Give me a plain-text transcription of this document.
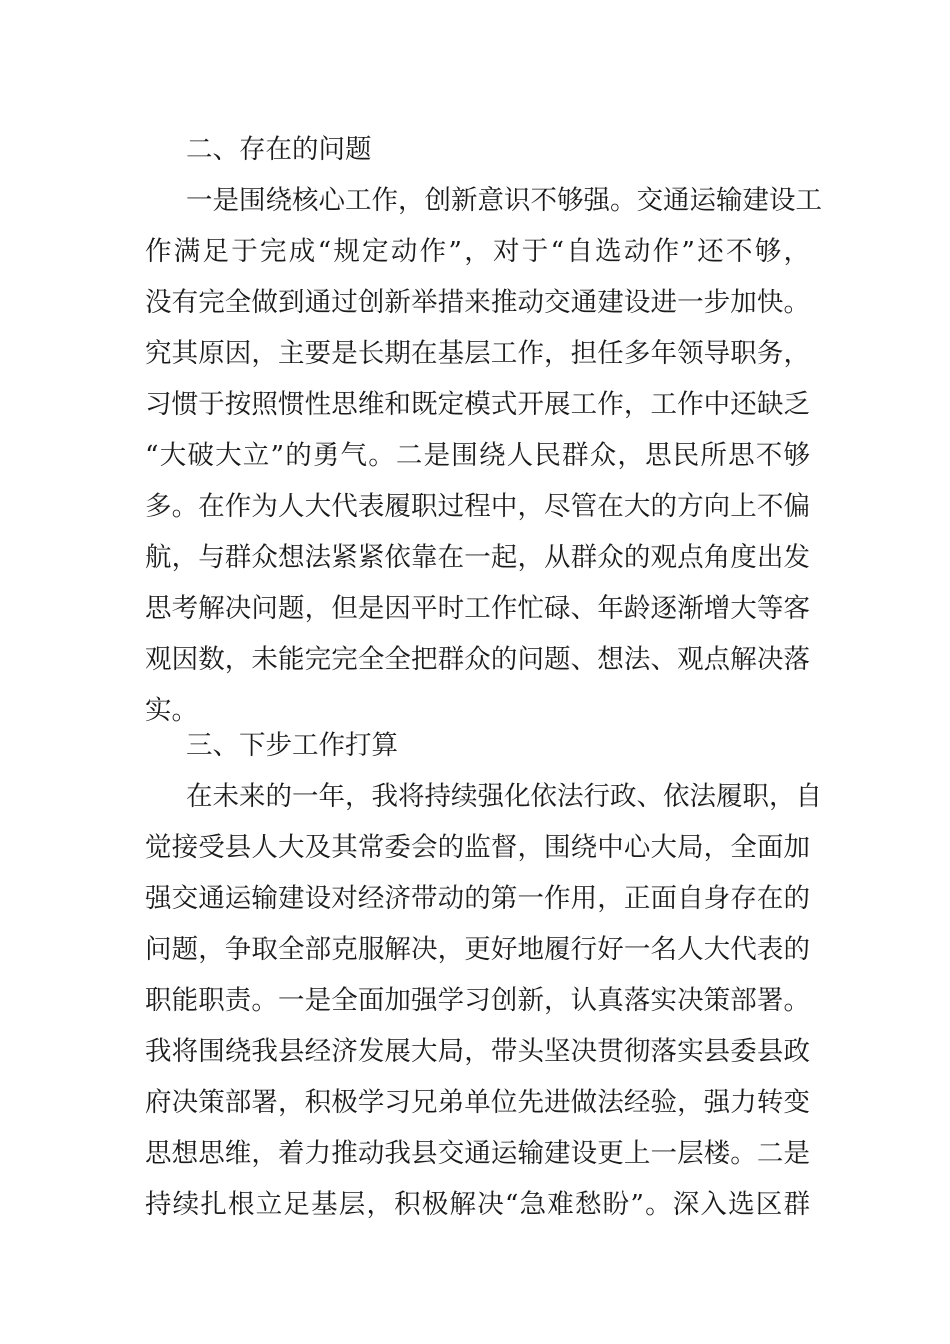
二、存在的问题
一是围绕核心工作，创新意识不够强。交通运输建设工
作满足于完成“规定动作”，对于“自选动作”还不够，
没有完全做到通过创新举措来推动交通建设进一步加快。
究其原因，主要是长期在基层工作，担任多年领导职务，
习惯于按照惯性思维和既定模式开展工作，工作中还缺乏
“大破大立”的勇气。二是围绕人民群众，思民所思不够
多。在作为人大代表履职过程中，尽管在大的方向上不偏
航，与群众想法紧紧依靠在一起，从群众的观点角度出发
思考解决问题，但是因平时工作忙碌、年龄逐渐增大等客
观因数，未能完完全全把群众的问题、想法、观点解决落
实。
三、下步工作打算
在未来的一年，我将持续强化依法行政、依法履职，自
觉接受县人大及其常委会的监督，围绕中心大局，全面加
强交通运输建设对经济带动的第一作用，正面自身存在的
问题，争取全部克服解决，更好地履行好一名人大代表的
职能职责。一是全面加强学习创新，认真落实决策部署。
我将围绕我县经济发展大局，带头坚决贯彻落实县委县政
府决策部署，积极学习兄弟单位先进做法经验，强力转变
思想思维，着力推动我县交通运输建设更上一层楼。二是
持续扎根立足基层，积极解决“急难愁盼”。深入选区群
